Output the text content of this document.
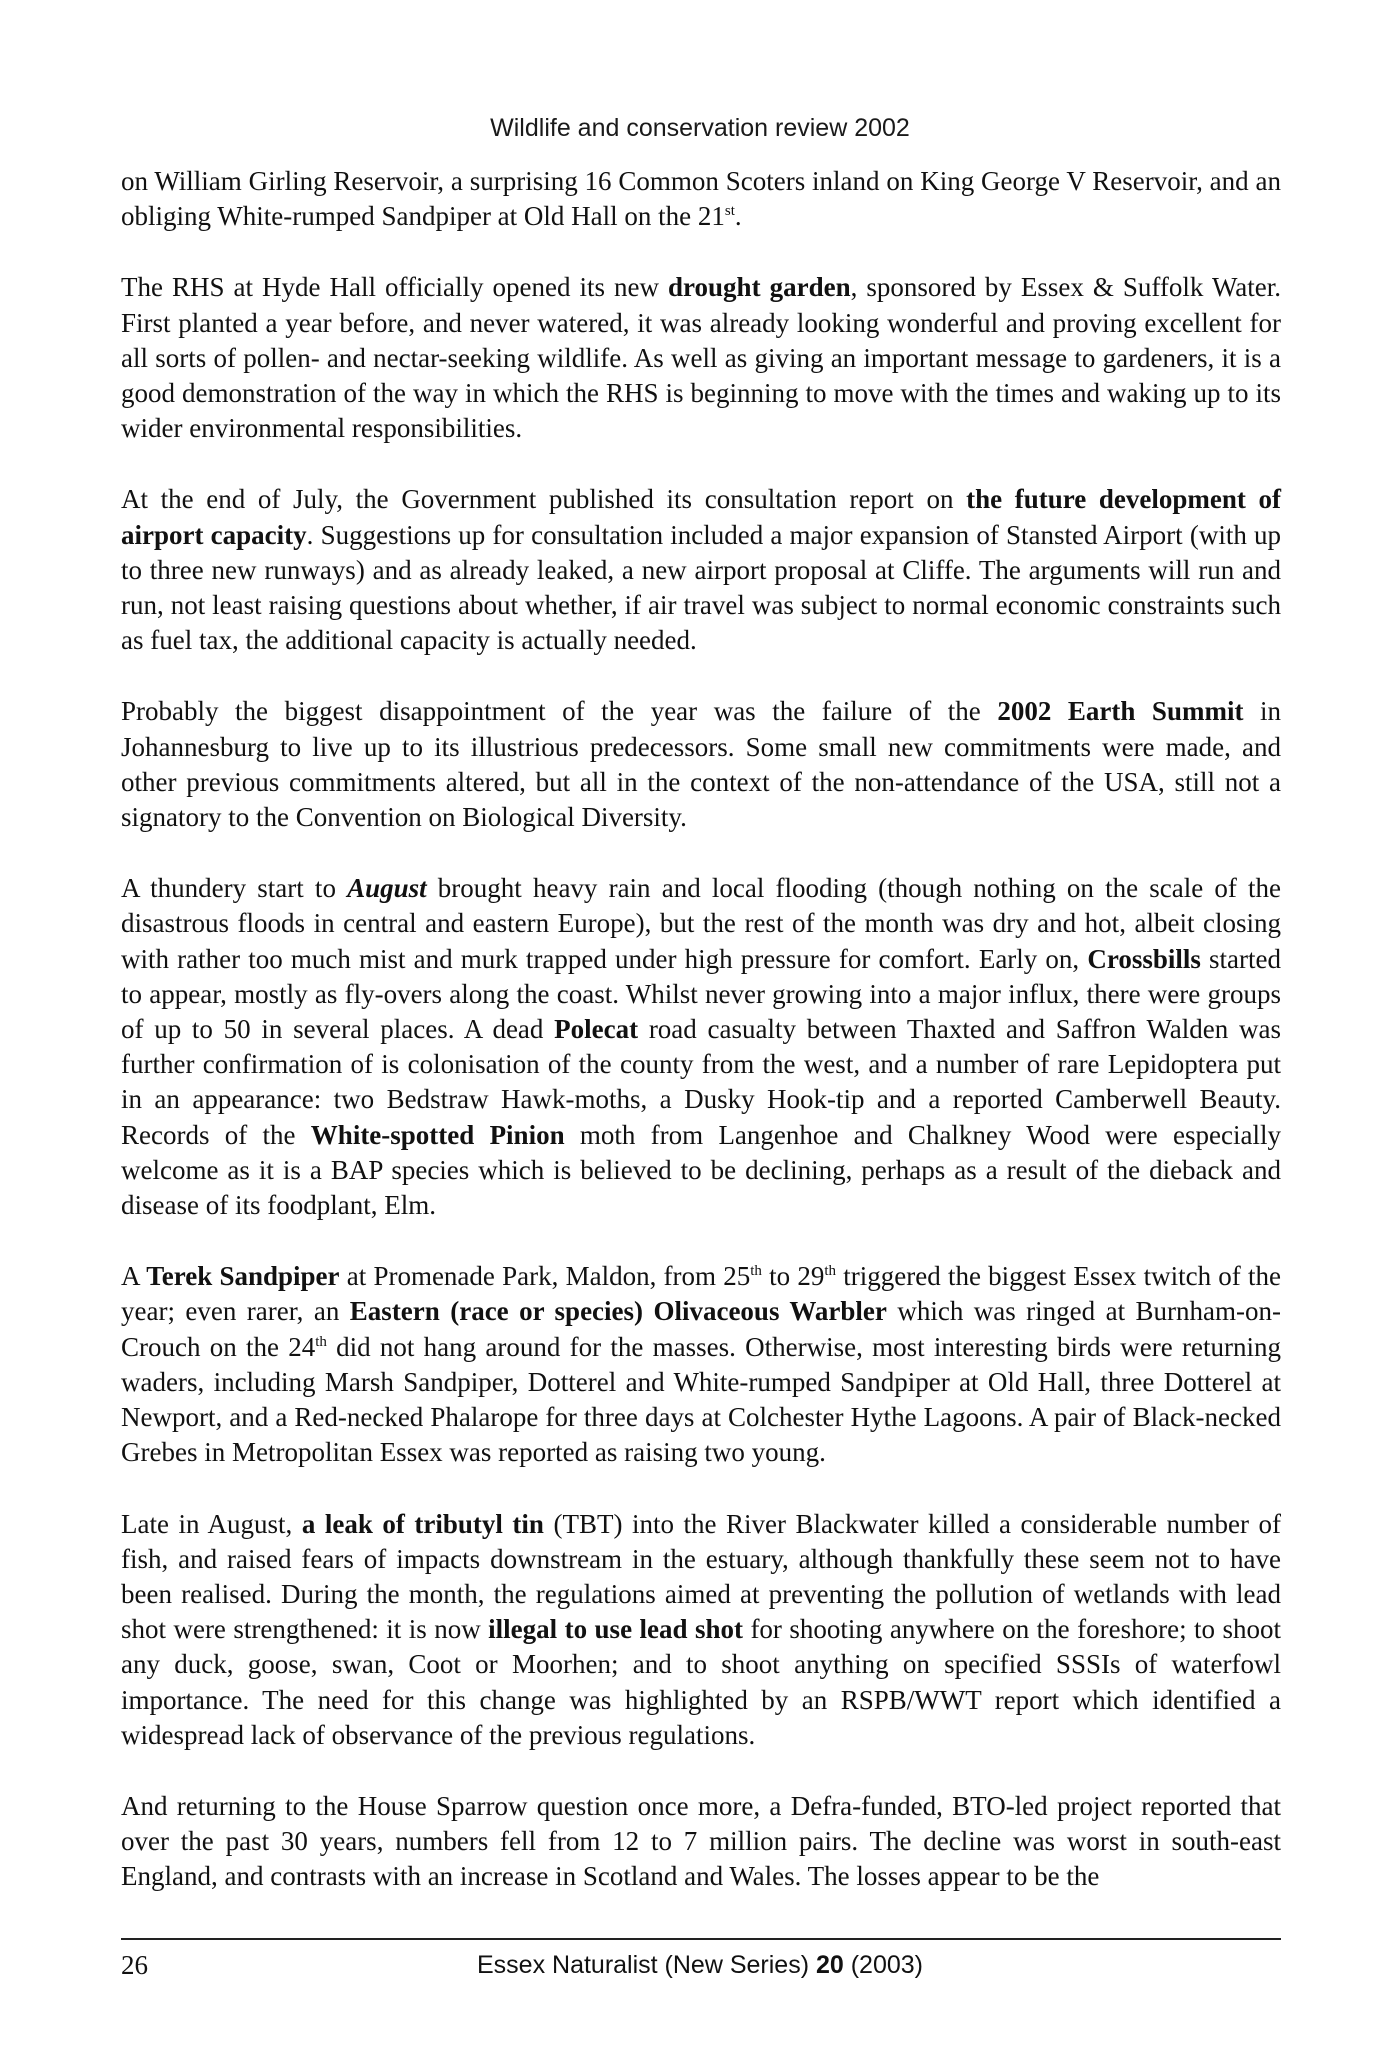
Wildlife and conservation review 2002

on William Girling Reservoir, a surprising 16 Common Scoters inland on King George V Reservoir, and an obliging White-rumped Sandpiper at Old Hall on the 21st.

The RHS at Hyde Hall officially opened its new drought garden, sponsored by Essex & Suffolk Water. First planted a year before, and never watered, it was already looking wonderful and proving excellent for all sorts of pollen- and nectar-seeking wildlife. As well as giving an important message to gardeners, it is a good demonstration of the way in which the RHS is beginning to move with the times and waking up to its wider environmental responsibilities.

At the end of July, the Government published its consultation report on the future development of airport capacity. Suggestions up for consultation included a major expansion of Stansted Airport (with up to three new runways) and as already leaked, a new airport proposal at Cliffe. The arguments will run and run, not least raising questions about whether, if air travel was subject to normal economic constraints such as fuel tax, the additional capacity is actually needed.

Probably the biggest disappointment of the year was the failure of the 2002 Earth Summit in Johannesburg to live up to its illustrious predecessors. Some small new commitments were made, and other previous commitments altered, but all in the context of the non-attendance of the USA, still not a signatory to the Convention on Biological Diversity.

A thundery start to August brought heavy rain and local flooding (though nothing on the scale of the disastrous floods in central and eastern Europe), but the rest of the month was dry and hot, albeit closing with rather too much mist and murk trapped under high pressure for comfort. Early on, Crossbills started to appear, mostly as fly-overs along the coast. Whilst never growing into a major influx, there were groups of up to 50 in several places. A dead Polecat road casualty between Thaxted and Saffron Walden was further confirmation of is colonisation of the county from the west, and a number of rare Lepidoptera put in an appearance: two Bedstraw Hawk-moths, a Dusky Hook-tip and a reported Camberwell Beauty. Records of the White-spotted Pinion moth from Langenhoe and Chalkney Wood were especially welcome as it is a BAP species which is believed to be declining, perhaps as a result of the dieback and disease of its foodplant, Elm.

A Terek Sandpiper at Promenade Park, Maldon, from 25th to 29th triggered the biggest Essex twitch of the year; even rarer, an Eastern (race or species) Olivaceous Warbler which was ringed at Burnham-on-Crouch on the 24th did not hang around for the masses. Otherwise, most interesting birds were returning waders, including Marsh Sandpiper, Dotterel and White-rumped Sandpiper at Old Hall, three Dotterel at Newport, and a Red-necked Phalarope for three days at Colchester Hythe Lagoons. A pair of Black-necked Grebes in Metropolitan Essex was reported as raising two young.

Late in August, a leak of tributyl tin (TBT) into the River Blackwater killed a considerable number of fish, and raised fears of impacts downstream in the estuary, although thankfully these seem not to have been realised. During the month, the regulations aimed at preventing the pollution of wetlands with lead shot were strengthened: it is now illegal to use lead shot for shooting anywhere on the foreshore; to shoot any duck, goose, swan, Coot or Moorhen; and to shoot anything on specified SSSIs of waterfowl importance. The need for this change was highlighted by an RSPB/WWT report which identified a widespread lack of observance of the previous regulations.

And returning to the House Sparrow question once more, a Defra-funded, BTO-led project reported that over the past 30 years, numbers fell from 12 to 7 million pairs. The decline was worst in south-east England, and contrasts with an increase in Scotland and Wales. The losses appear to be the

26	Essex Naturalist (New Series) 20 (2003)
